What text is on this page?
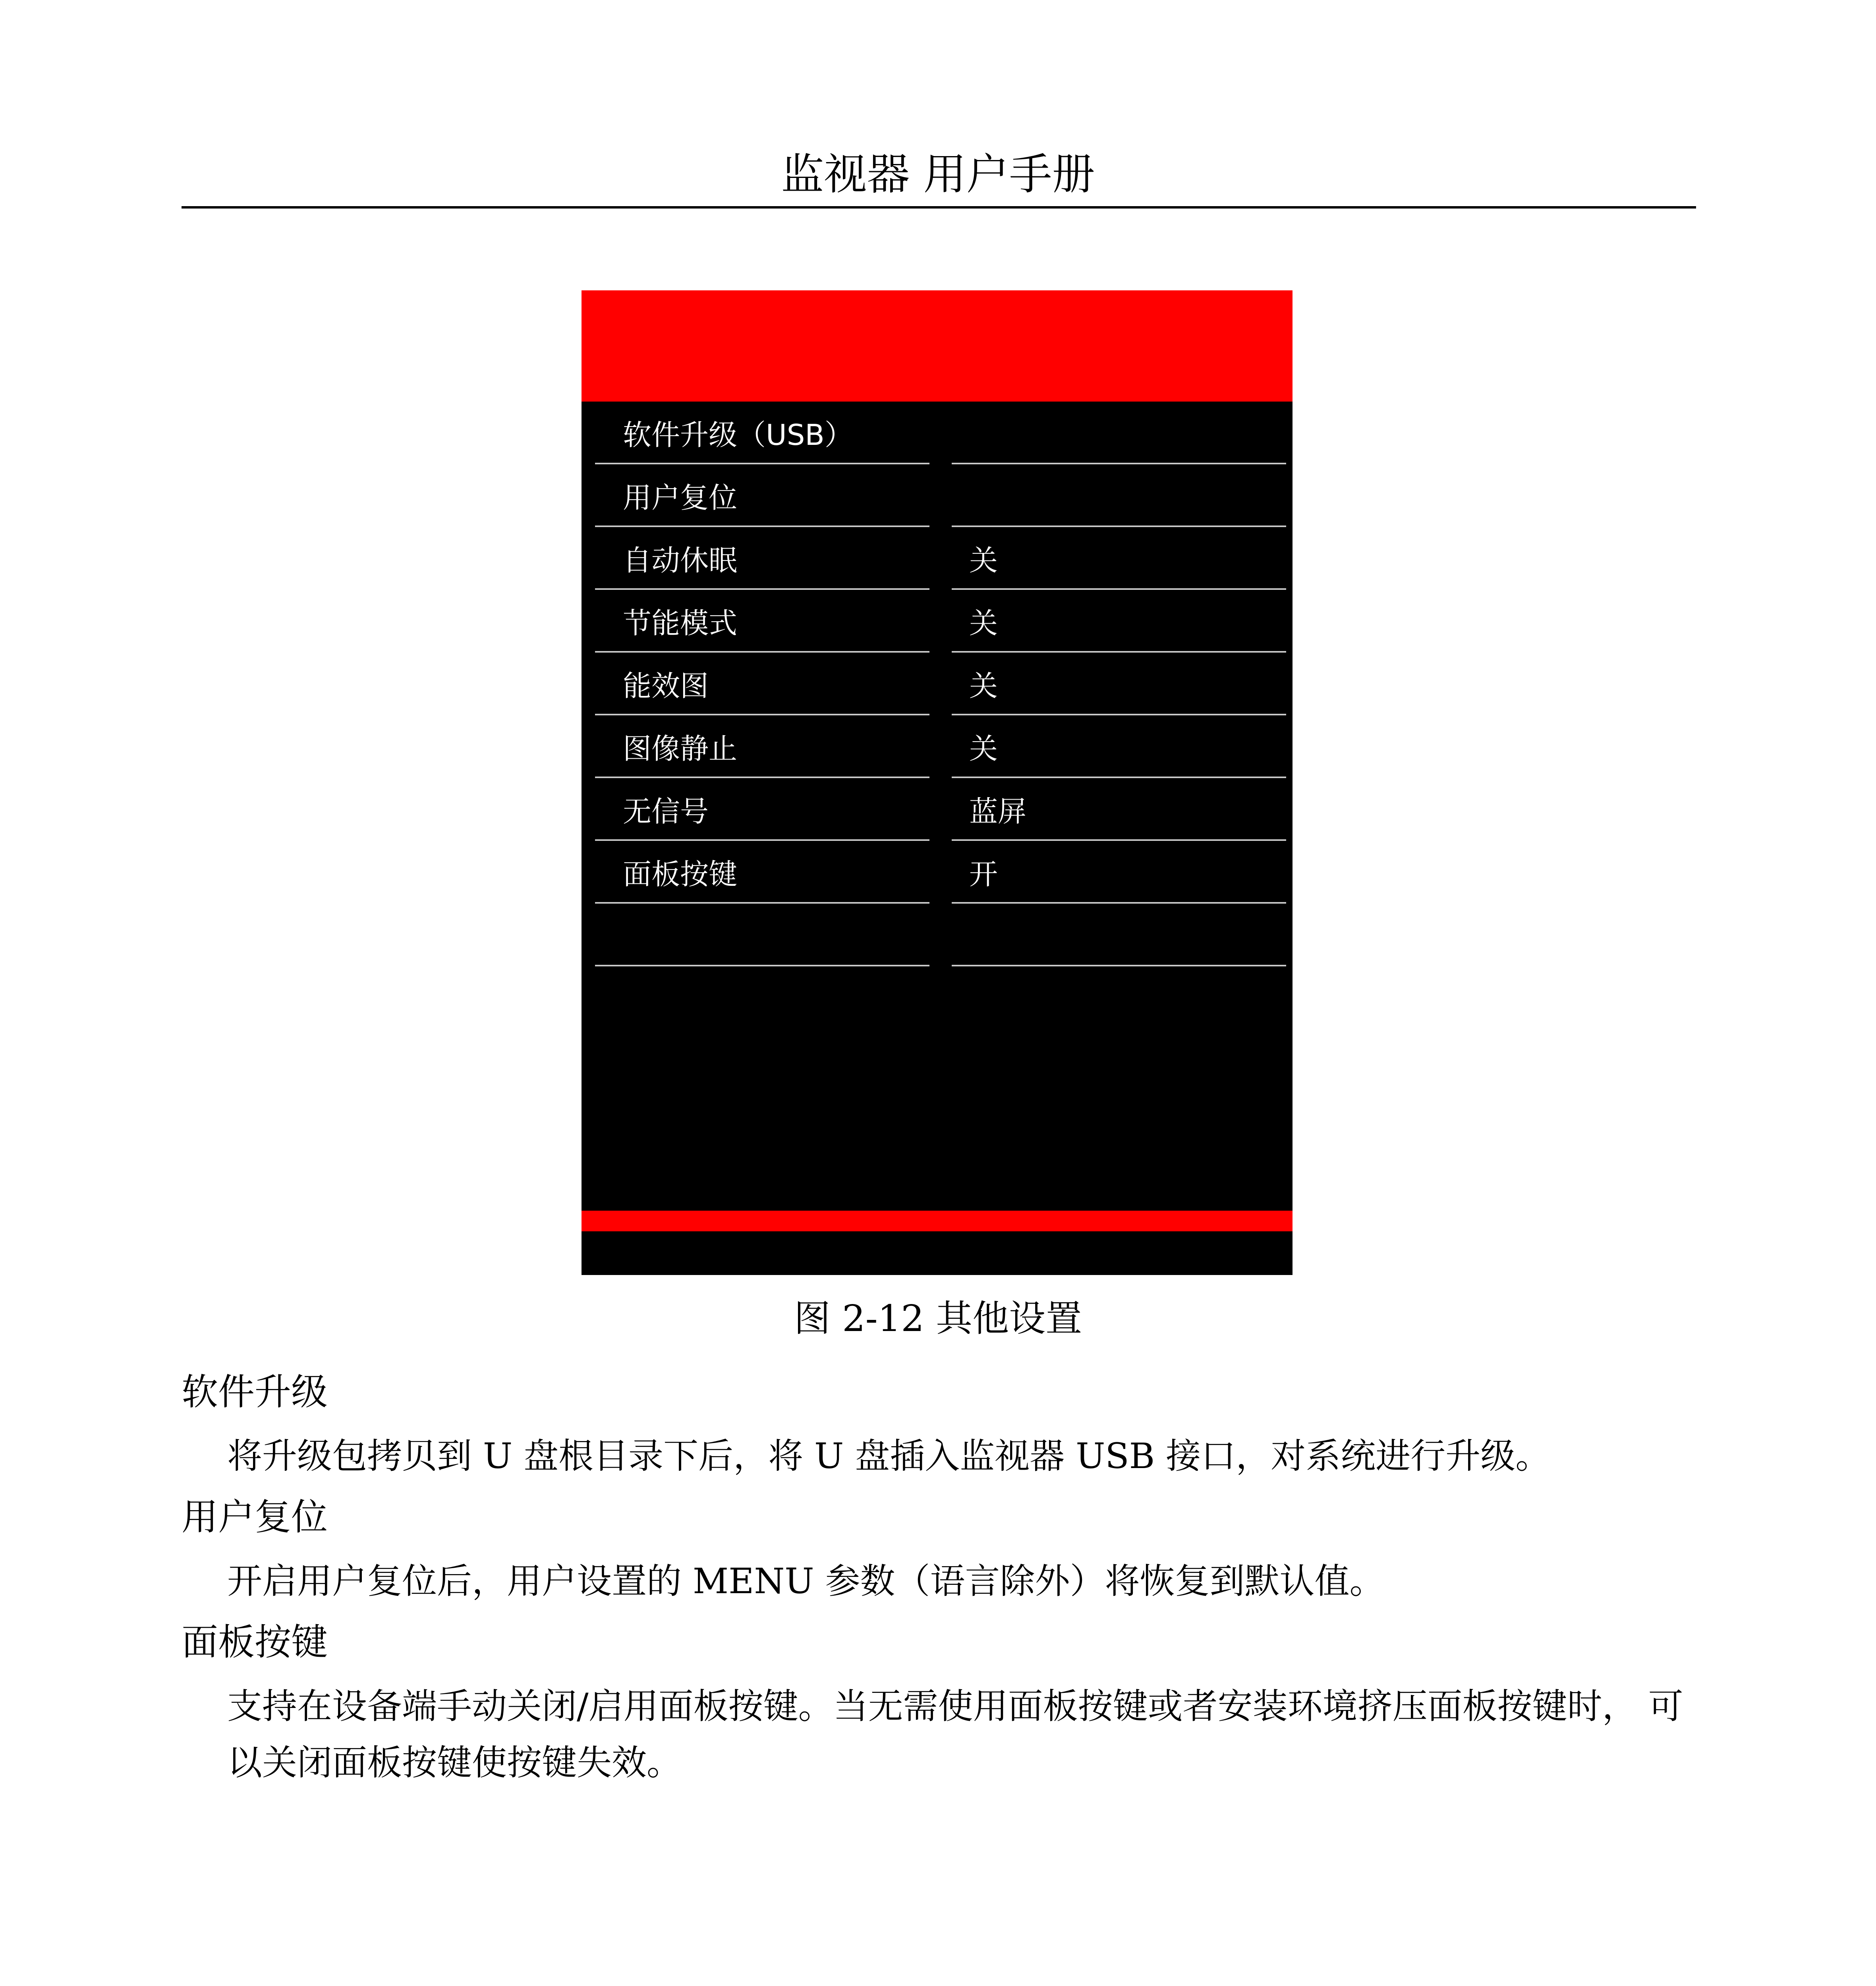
监视器 用户手册
软件升级（USB）
用户复位
自动休眠	关
节能模式	关
能效图	关
图像静止	关
无信号	蓝屏
面板按键	开

图 2-12 其他设置

软件升级

将升级包拷贝到 U 盘根目录下后，将 U 盘插入监视器 USB 接口，对系统进行升级。

用户复位

开启用户复位后，用户设置的 MENU 参数（语言除外）将恢复到默认值。

面板按键

支持在设备端手动关闭/启用面板按键。当无需使用面板按键或者安装环境挤压面板按键时， 可以关闭面板按键使按键失效。
